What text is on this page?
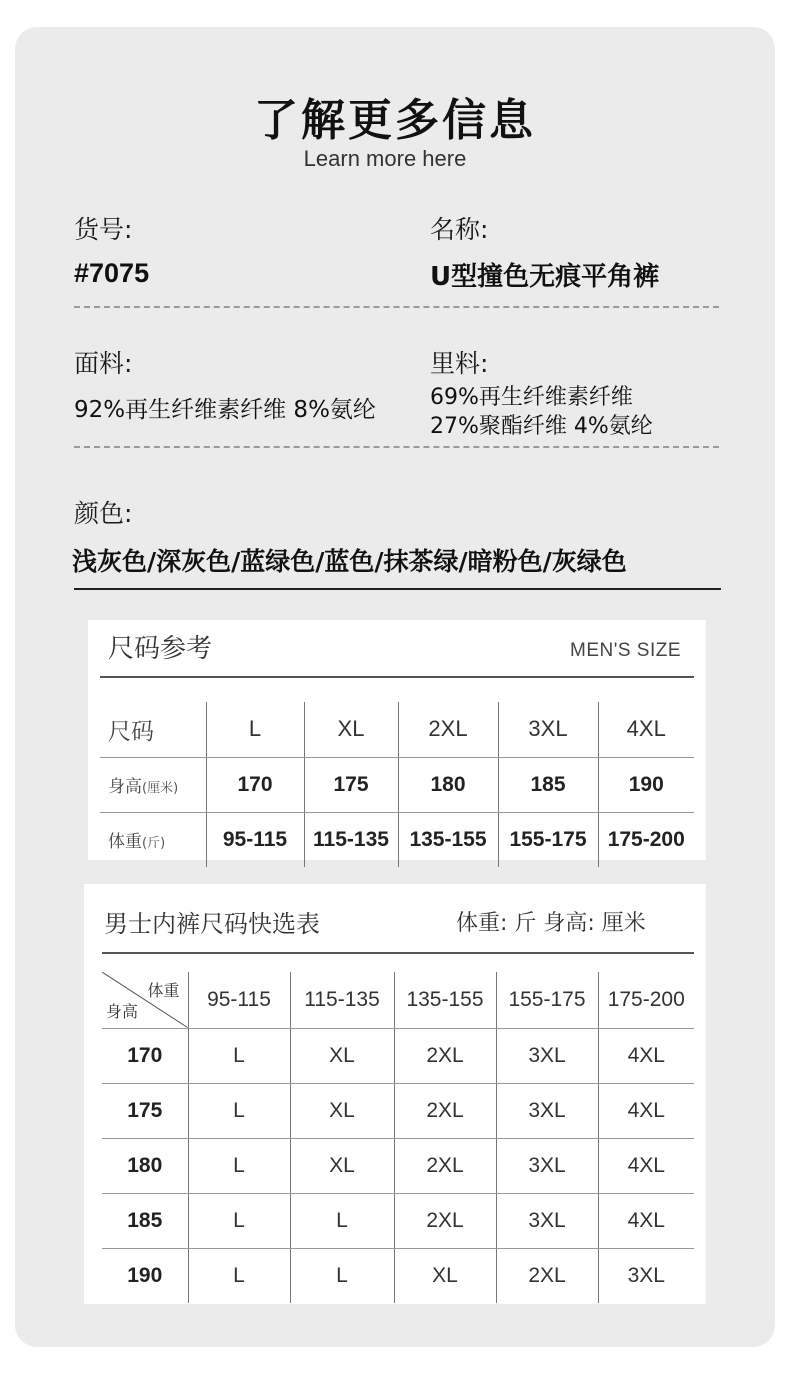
了解更多信息
Learn more here
货号:
#7075
名称:
U型撞色无痕平角裤
面料:
92%再生纤维素纤维 8%氨纶
里料:
69%再生纤维素纤维
27%聚酯纤维 4%氨纶
颜色:
浅灰色/深灰色/蓝绿色/蓝色/抹茶绿/暗粉色/灰绿色
尺码参考	MEN'S SIZE
尺码	L	XL	2XL	3XL	4XL
身高(厘米)	170	175	180	185	190
体重(斤)	95-115	115-135	135-155	155-175	175-200
男士内裤尺码快选表	体重: 斤 身高: 厘米
体重
身高	95-115	115-135	135-155	155-175	175-200
170	L	XL	2XL	3XL	4XL
175	L	XL	2XL	3XL	4XL
180	L	XL	2XL	3XL	4XL
185	L	L	2XL	3XL	4XL
190	L	L	XL	2XL	3XL
